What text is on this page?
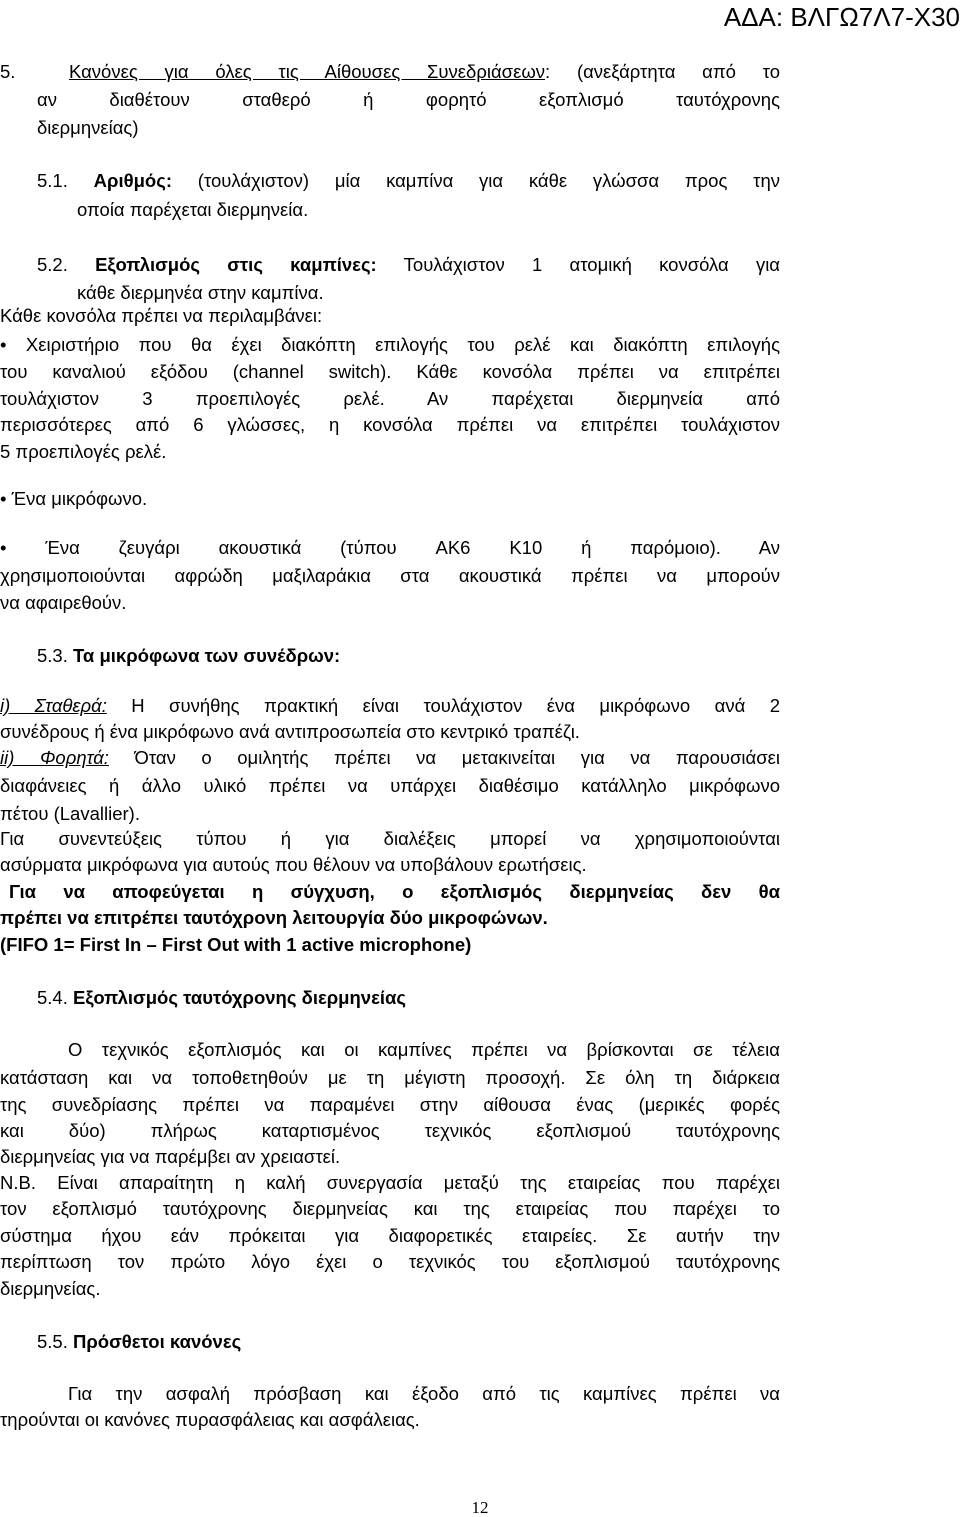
ΑΔΑ: ΒΛΓΩ7Λ7-Χ30
5.	Κανόνες για όλες τις Αίθουσες Συνεδριάσεων: (ανεξάρτητα από το
αν διαθέτουν σταθερό ή φορητό εξοπλισμό ταυτόχρονης
διερμηνείας)
5.1. Αριθμός: (τουλάχιστον) μία καμπίνα για κάθε γλώσσα προς την
οποία παρέχεται διερμηνεία.
5.2. Εξοπλισμός στις καμπίνες: Τουλάχιστον 1 ατομική κονσόλα για
κάθε διερμηνέα στην καμπίνα.
Κάθε κονσόλα πρέπει να περιλαμβάνει:
• Χειριστήριο που θα έχει διακόπτη επιλογής του ρελέ και διακόπτη επιλογής
του καναλιού εξόδου (channel switch). Κάθε κονσόλα πρέπει να επιτρέπει
τουλάχιστον 3 προεπιλογές ρελέ. Αν παρέχεται διερμηνεία από
περισσότερες από 6 γλώσσες, η κονσόλα πρέπει να επιτρέπει τουλάχιστον
5 προεπιλογές ρελέ.
• Ένα μικρόφωνο.
• Ένα ζευγάρι ακουστικά (τύπου AK6 K10 ή παρόμοιο). Αν
χρησιμοποιούνται αφρώδη μαξιλαράκια στα ακουστικά πρέπει να μπορούν
να αφαιρεθούν.
5.3. Τα μικρόφωνα των συνέδρων:
i) Σταθερά: Η συνήθης πρακτική είναι τουλάχιστον ένα μικρόφωνο ανά 2
συνέδρους ή ένα μικρόφωνο ανά αντιπροσωπεία στο κεντρικό τραπέζι.
ii) Φορητά: Όταν ο ομιλητής πρέπει να μετακινείται για να παρουσιάσει
διαφάνειες ή άλλο υλικό πρέπει να υπάρχει διαθέσιμο κατάλληλο μικρόφωνο
πέτου (Lavallier).
Για συνεντεύξεις τύπου ή για διαλέξεις μπορεί να χρησιμοποιούνται
ασύρματα μικρόφωνα για αυτούς που θέλουν να υποβάλουν ερωτήσεις.
Για να αποφεύγεται η σύγχυση, ο εξοπλισμός διερμηνείας δεν θα
πρέπει να επιτρέπει ταυτόχρονη λειτουργία δύο μικροφώνων.
(FIFO 1= First In – First Out with 1 active microphone)
5.4. Εξοπλισμός ταυτόχρονης διερμηνείας
Ο τεχνικός εξοπλισμός και οι καμπίνες πρέπει να βρίσκονται σε τέλεια
κατάσταση και να τοποθετηθούν με τη μέγιστη προσοχή. Σε όλη τη διάρκεια
της συνεδρίασης πρέπει να παραμένει στην αίθουσα ένας (μερικές φορές
και δύο) πλήρως καταρτισμένος τεχνικός εξοπλισμού ταυτόχρονης
διερμηνείας για να παρέμβει αν χρειαστεί.
N.B. Είναι απαραίτητη η καλή συνεργασία μεταξύ της εταιρείας που παρέχει
τον εξοπλισμό ταυτόχρονης διερμηνείας και της εταιρείας που παρέχει το
σύστημα ήχου εάν πρόκειται για διαφορετικές εταιρείες. Σε αυτήν την
περίπτωση τον πρώτο λόγο έχει ο τεχνικός του εξοπλισμού ταυτόχρονης
διερμηνείας.
5.5. Πρόσθετοι κανόνες
Για την ασφαλή πρόσβαση και έξοδο από τις καμπίνες πρέπει να
τηρούνται οι κανόνες πυρασφάλειας και ασφάλειας.
12
